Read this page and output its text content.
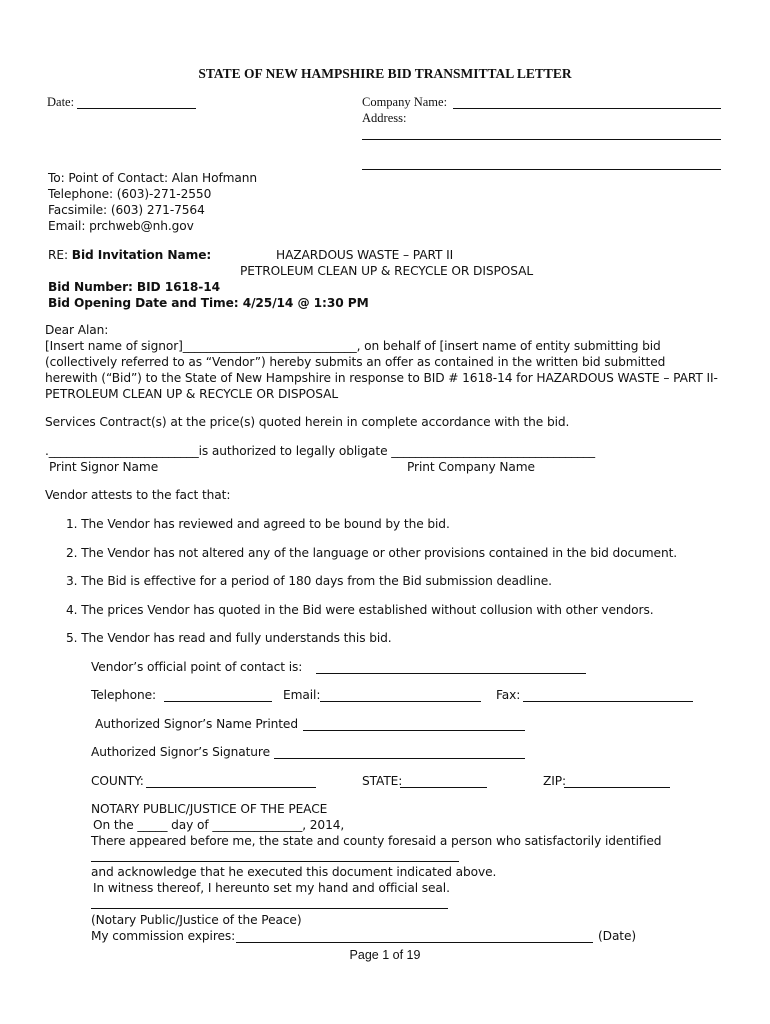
STATE OF NEW HAMPSHIRE BID TRANSMITTAL LETTER
Date:	Company Name:
Address:
To: Point of Contact: Alan Hofmann
Telephone: (603)-271-2550
Facsimile: (603) 271-7564
Email: prchweb@nh.gov
RE: Bid Invitation Name:	HAZARDOUS WASTE – PART II
PETROLEUM CLEAN UP & RECYCLE OR DISPOSAL
Bid Number: BID 1618-14
Bid Opening Date and Time: 4/25/14 @ 1:30 PM
Dear Alan:
[Insert name of signor]_____________________________, on behalf of [insert name of entity submitting bid
(collectively referred to as “Vendor”) hereby submits an offer as contained in the written bid submitted
herewith (“Bid”) to the State of New Hampshire in response to BID # 1618-14 for HAZARDOUS WASTE – PART II-
PETROLEUM CLEAN UP & RECYCLE OR DISPOSAL
Services Contract(s) at the price(s) quoted herein in complete accordance with the bid.
._________________________is authorized to legally obligate __________________________________
Print Signor Name	Print Company Name
Vendor attests to the fact that:
1. The Vendor has reviewed and agreed to be bound by the bid.
2. The Vendor has not altered any of the language or other provisions contained in the bid document.
3. The Bid is effective for a period of 180 days from the Bid submission deadline.
4. The prices Vendor has quoted in the Bid were established without collusion with other vendors.
5. The Vendor has read and fully understands this bid.
Vendor’s official point of contact is:
Telephone:	Email:	Fax:
Authorized Signor’s Name Printed
Authorized Signor’s Signature
COUNTY:	STATE:	ZIP:
NOTARY PUBLIC/JUSTICE OF THE PEACE
On the _____ day of _______________, 2014,
There appeared before me, the state and county foresaid a person who satisfactorily identified
and acknowledge that he executed this document indicated above.
In witness thereof, I hereunto set my hand and official seal.
(Notary Public/Justice of the Peace)
My commission expires:	(Date)
Page 1 of 19
